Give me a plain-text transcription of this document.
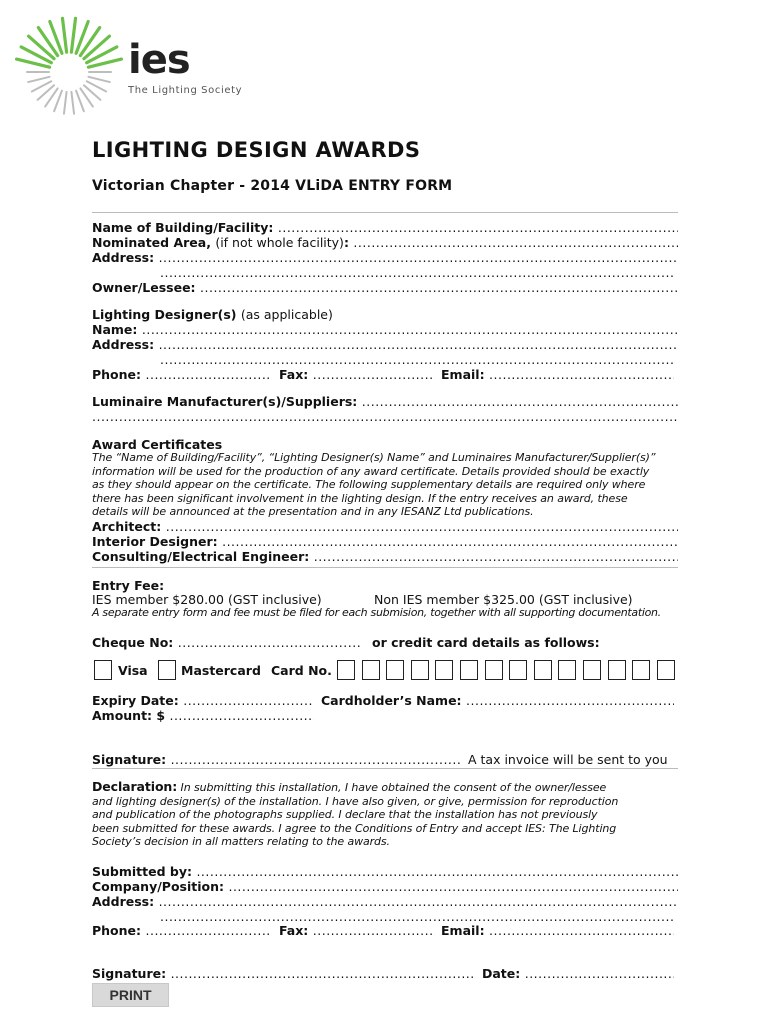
ies
The Lighting Society
LIGHTING DESIGN AWARDS
Victorian Chapter - 2014 VLiDA ENTRY FORM
Name of Building/Facility: .....
Nominated Area, (if not whole facility): .....
Address: .....
.....
Owner/Lessee: .....
Lighting Designer(s) (as applicable)
Name: .....
Address: .....
.....
Phone: .....	Fax: .....	Email: .....
Luminaire Manufacturer(s)/Suppliers: .....
.....
Award Certificates
The “Name of Building/Facility”, “Lighting Designer(s) Name” and Luminaires Manufacturer/Supplier(s)”
information will be used for the production of any award certificate. Details provided should be exactly
as they should appear on the certificate. The following supplementary details are required only where
there has been significant involvement in the lighting design. If the entry receives an award, these
details will be announced at the presentation and in any IESANZ Ltd publications.
Architect: .....
Interior Designer: .....
Consulting/Electrical Engineer: .....
Entry Fee:
IES member $280.00 (GST inclusive)	Non IES member $325.00 (GST inclusive)
A separate entry form and fee must be filed for each submision, together with all supporting documentation.
Cheque No: .....	or credit card details as follows:
Visa	Mastercard Card No.
Expiry Date: .....	Cardholder’s Name: .....
Amount: $ .....
Signature: .....	A tax invoice will be sent to you
Declaration: In submitting this installation, I have obtained the consent of the owner/lessee
and lighting designer(s) of the installation. I have also given, or give, permission for reproduction
and publication of the photographs supplied. I declare that the installation has not previously
been submitted for these awards. I agree to the Conditions of Entry and accept IES: The Lighting
Society’s decision in all matters relating to the awards.
Submitted by: .....
Company/Position: .....
Address: .....
.....
Phone: .....	Fax: .....	Email: .....
Signature: .....	Date: .....
PRINT
